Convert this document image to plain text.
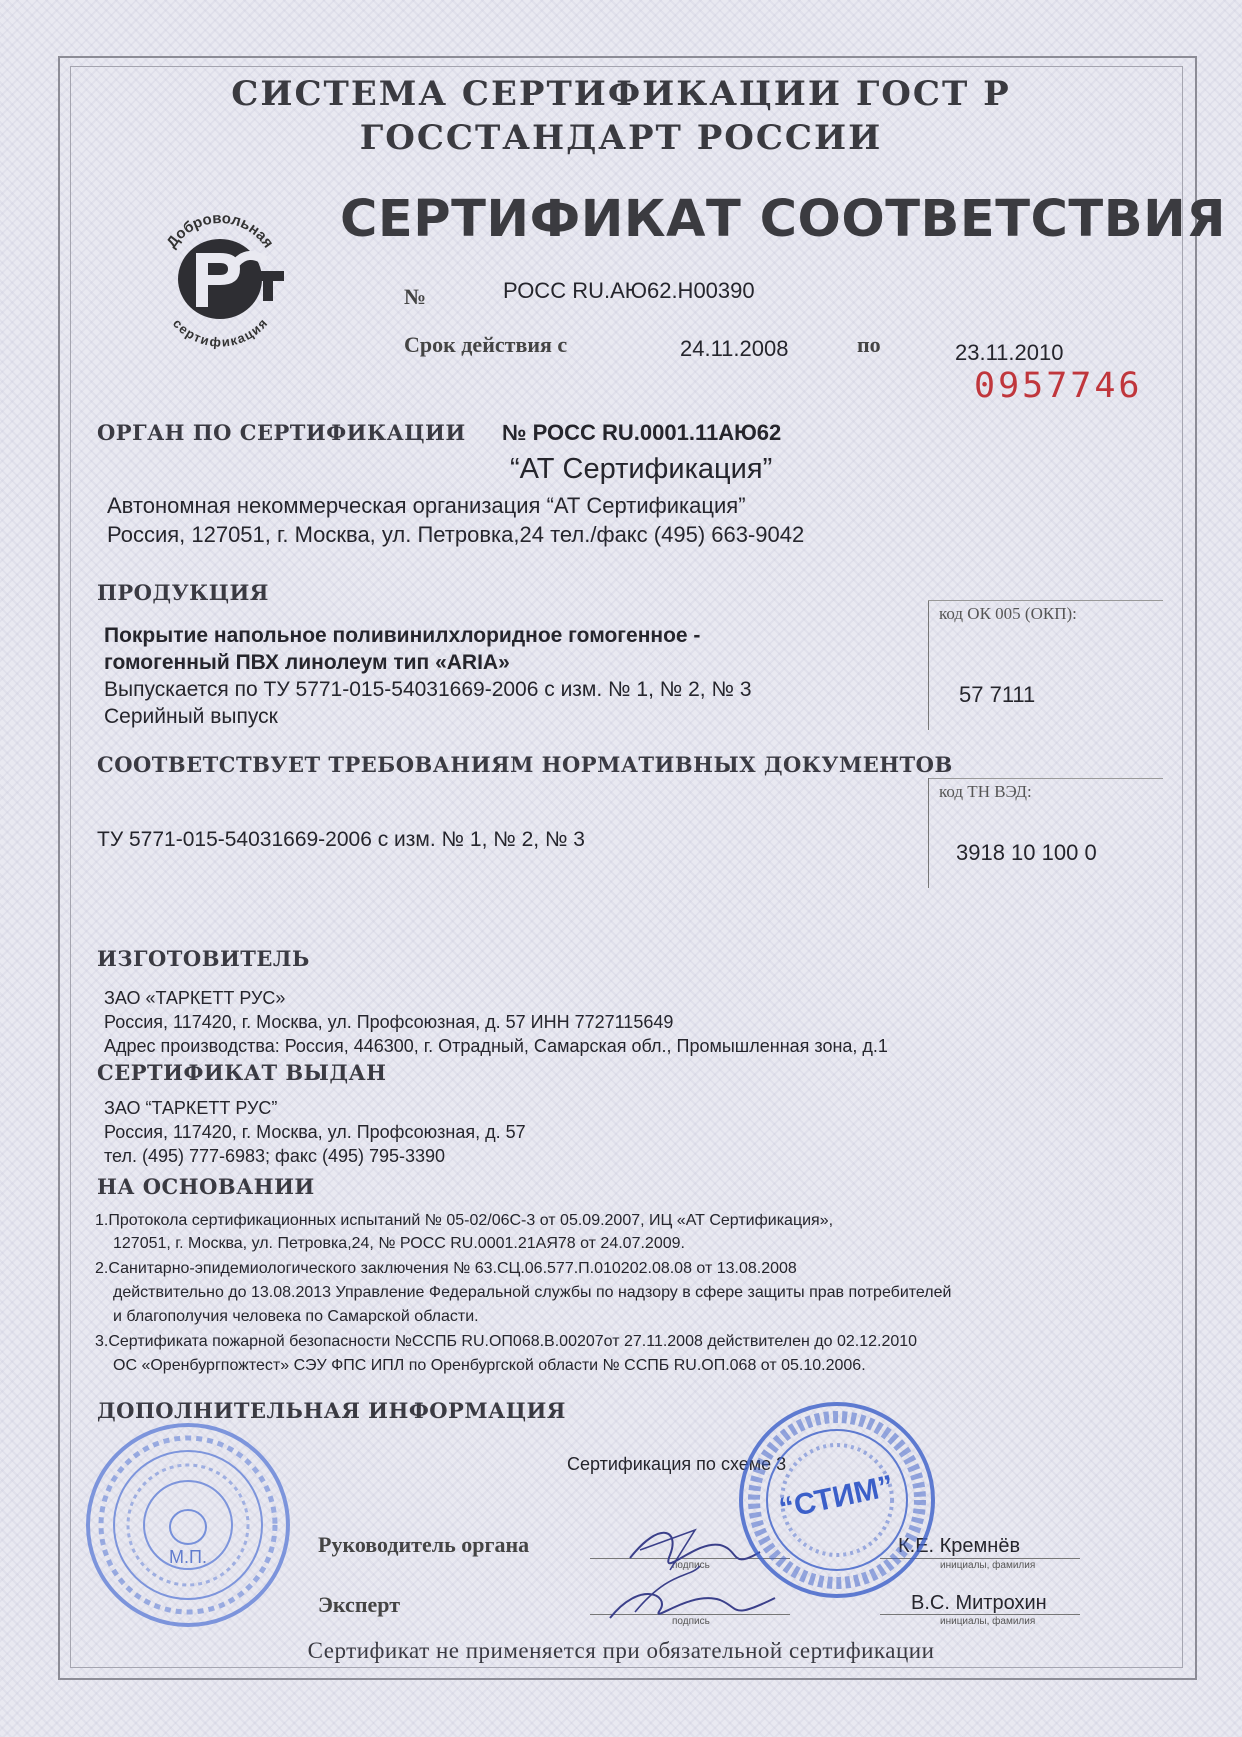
СИСТЕМА СЕРТИФИКАЦИИ ГОСТ Р
ГОССТАНДАРТ РОССИИ
Добровольная
сертификация
СЕРТИФИКАТ СООТВЕТСТВИЯ
№	РОСС RU.АЮ62.Н00390
Срок действия с	24.11.2008	по	23.11.2010
0957746
ОРГАН ПО СЕРТИФИКАЦИИ № РОСС RU.0001.11АЮ62
“АТ Сертификация”
Автономная некоммерческая организация “АТ Сертификация”
Россия, 127051, г. Москва, ул. Петровка,24 тел./факс (495) 663-9042
ПРОДУКЦИЯ
Покрытие напольное поливинилхлоридное гомогенное -
гомогенный ПВХ линолеум тип «ARIA»
Выпускается по ТУ 5771-015-54031669-2006 с изм. № 1, № 2, № 3
Серийный выпуск
код ОК 005 (ОКП):
57 7111
СООТВЕТСТВУЕТ ТРЕБОВАНИЯМ НОРМАТИВНЫХ ДОКУМЕНТОВ
код ТН ВЭД:
3918 10 100 0
ТУ 5771-015-54031669-2006 с изм. № 1, № 2, № 3
ИЗГОТОВИТЕЛЬ
ЗАО «ТАРКЕТТ РУС»
Россия, 117420, г. Москва, ул. Профсоюзная, д. 57 ИНН 7727115649
Адрес производства: Россия, 446300, г. Отрадный, Самарская обл., Промышленная зона, д.1
СЕРТИФИКАТ ВЫДАН
ЗАО “ТАРКЕТТ РУС”
Россия, 117420, г. Москва, ул. Профсоюзная, д. 57
тел. (495) 777-6983; факс (495) 795-3390
НА ОСНОВАНИИ
1.Протокола сертификационных испытаний № 05-02/06С-3 от 05.09.2007, ИЦ «АТ Сертификация»,
127051, г. Москва, ул. Петровка,24, № РОСС RU.0001.21АЯ78 от 24.07.2009.
2.Санитарно-эпидемиологического заключения № 63.СЦ.06.577.П.010202.08.08 от 13.08.2008
действительно до 13.08.2013 Управление Федеральной службы по надзору в сфере защиты прав потребителей
и благополучия человека по Самарской области.
3.Сертификата пожарной безопасности №ССПБ RU.ОП068.В.00207от 27.11.2008 действителен до 02.12.2010
ОС «Оренбургпожтест» СЭУ ФПС ИПЛ по Оренбургской области № ССПБ RU.ОП.068 от 05.10.2006.
ДОПОЛНИТЕЛЬНАЯ ИНФОРМАЦИЯ
Сертификация по схеме 3
Руководитель органа
подпись
К.Е. Кремнёв
инициалы, фамилия
Эксперт
подпись
В.С. Митрохин
инициалы, фамилия
М.П.
“СТИМ”
Сертификат не применяется при обязательной сертификации
